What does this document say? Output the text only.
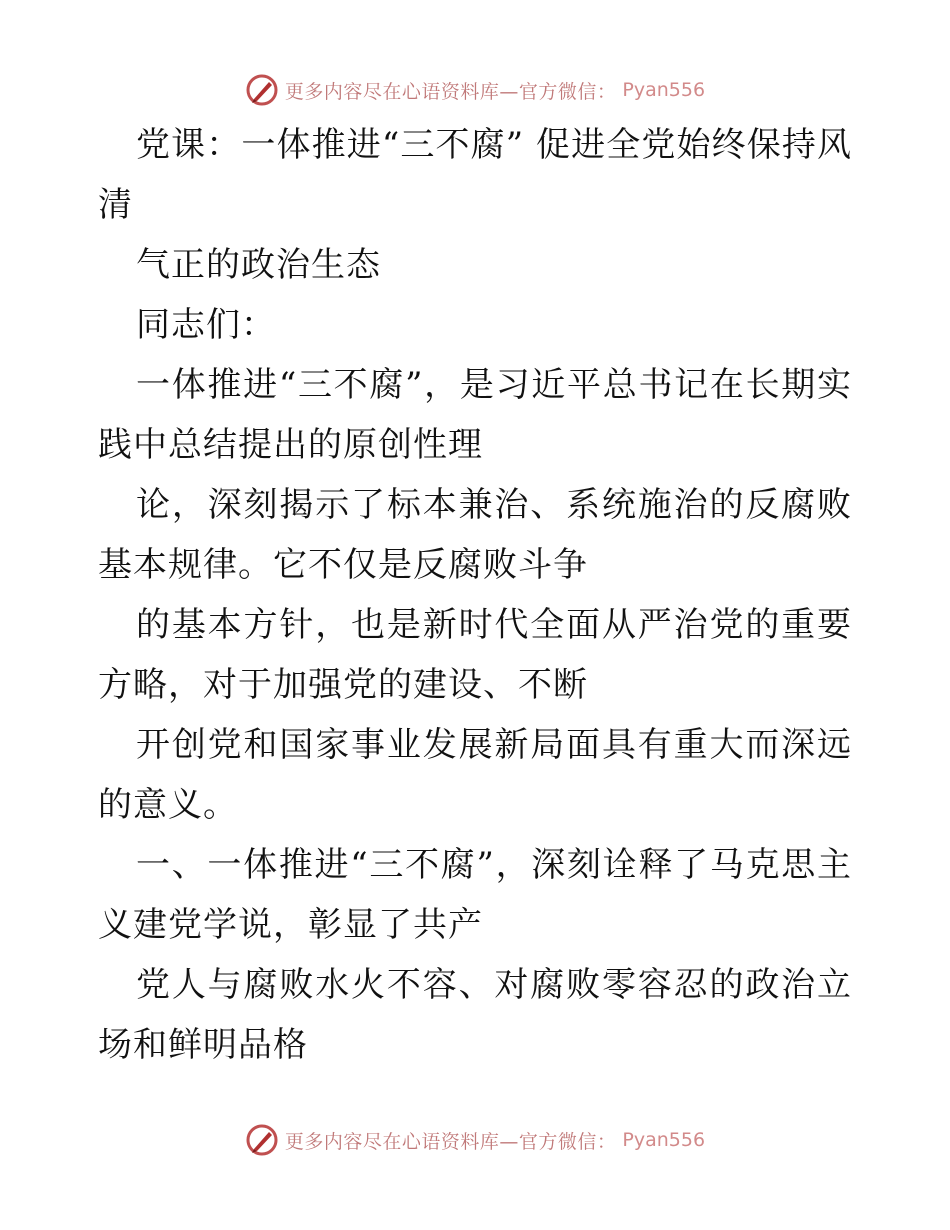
更多内容尽在心语资料库—官方微信： Pyan556

党课：一体推进“三不腐” 促进全党始终保持风清

气正的政治生态

同志们：

一体推进“三不腐”，是习近平总书记在长期实践中总结提出的原创性理

论，深刻揭示了标本兼治、系统施治的反腐败基本规律。它不仅是反腐败斗争

的基本方针，也是新时代全面从严治党的重要方略，对于加强党的建设、不断

开创党和国家事业发展新局面具有重大而深远的意义。

一、一体推进“三不腐”，深刻诠释了马克思主义建党学说，彰显了共产

党人与腐败水火不容、对腐败零容忍的政治立场和鲜明品格

更多内容尽在心语资料库—官方微信： Pyan556
